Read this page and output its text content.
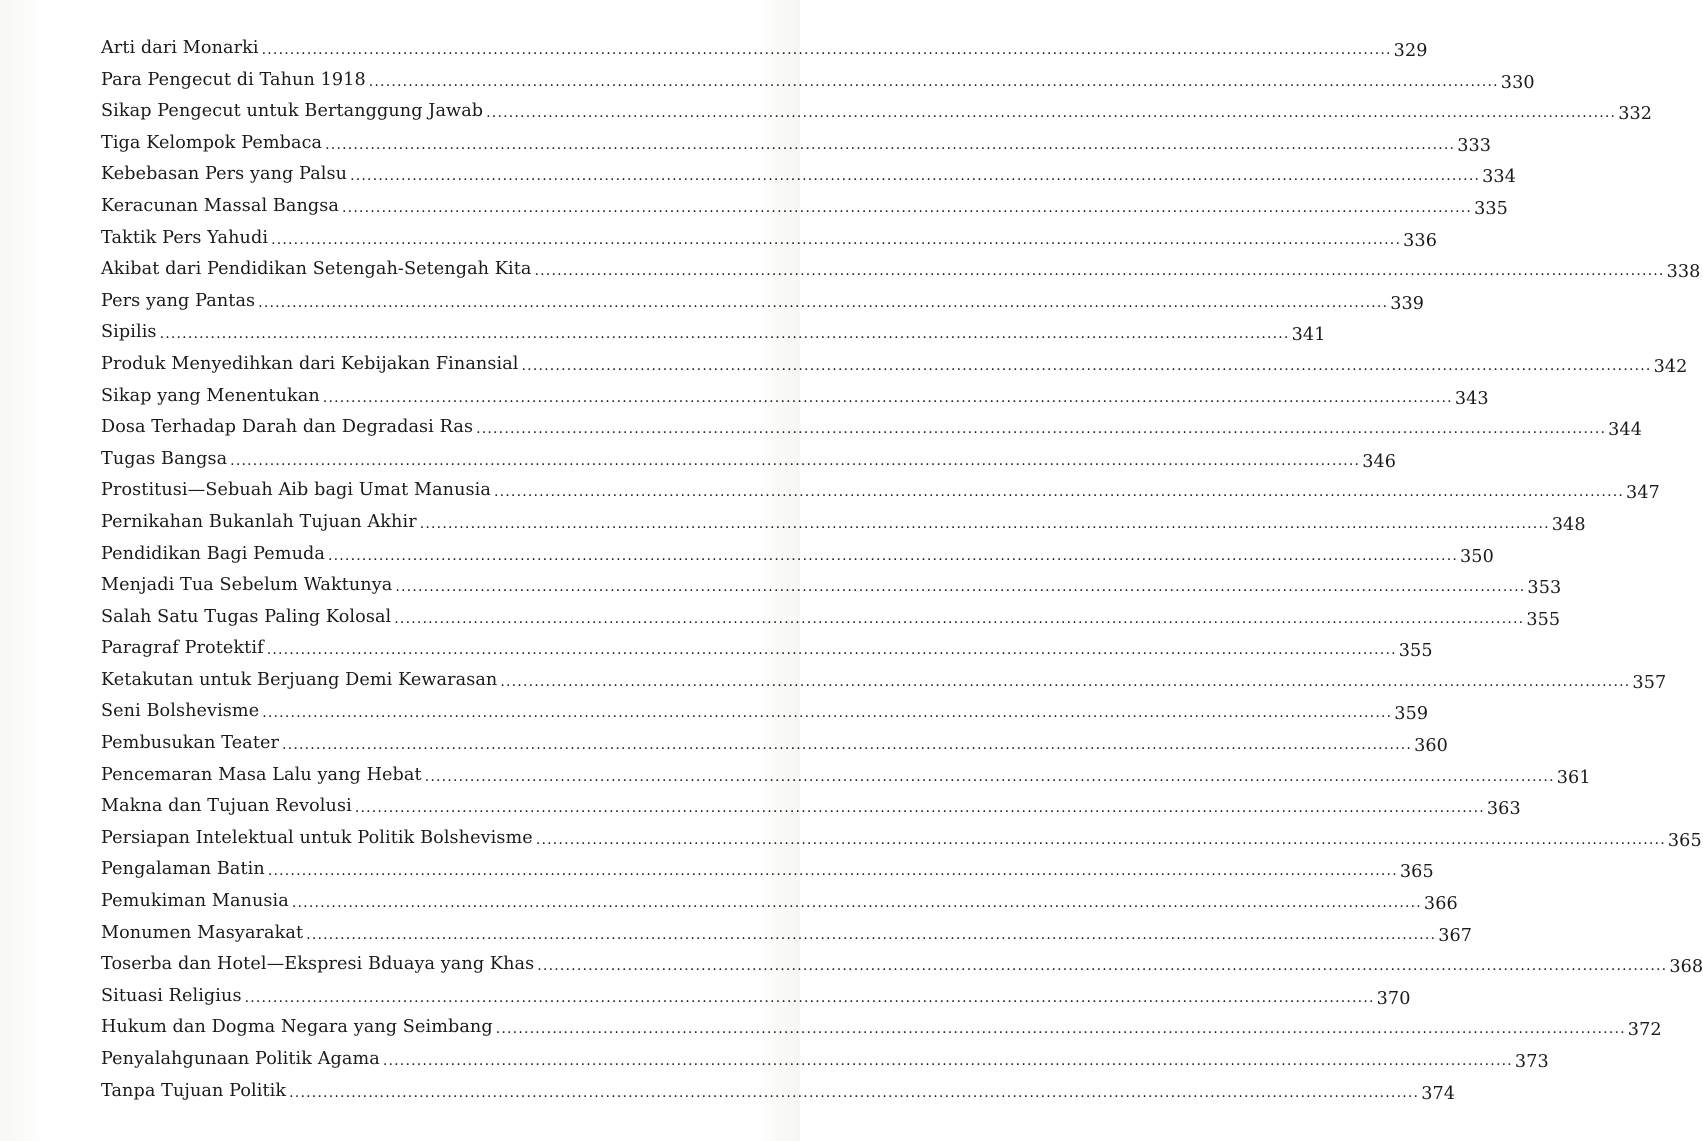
Arti dari Monarki ........................................................................................................................................................................................................ 329
Para Pengecut di Tahun 1918 ........................................................................................................................................................................................................ 330
Sikap Pengecut untuk Bertanggung Jawab ........................................................................................................................................................................................................ 332
Tiga Kelompok Pembaca ........................................................................................................................................................................................................ 333
Kebebasan Pers yang Palsu ........................................................................................................................................................................................................ 334
Keracunan Massal Bangsa ........................................................................................................................................................................................................ 335
Taktik Pers Yahudi ........................................................................................................................................................................................................ 336
Akibat dari Pendidikan Setengah-Setengah Kita ........................................................................................................................................................................................................ 338
Pers yang Pantas ........................................................................................................................................................................................................ 339
Sipilis ........................................................................................................................................................................................................ 341
Produk Menyedihkan dari Kebijakan Finansial ........................................................................................................................................................................................................ 342
Sikap yang Menentukan ........................................................................................................................................................................................................ 343
Dosa Terhadap Darah dan Degradasi Ras ........................................................................................................................................................................................................ 344
Tugas Bangsa ........................................................................................................................................................................................................ 346
Prostitusi—Sebuah Aib bagi Umat Manusia ........................................................................................................................................................................................................ 347
Pernikahan Bukanlah Tujuan Akhir ........................................................................................................................................................................................................ 348
Pendidikan Bagi Pemuda ........................................................................................................................................................................................................ 350
Menjadi Tua Sebelum Waktunya ........................................................................................................................................................................................................ 353
Salah Satu Tugas Paling Kolosal ........................................................................................................................................................................................................ 355
Paragraf Protektif ........................................................................................................................................................................................................ 355
Ketakutan untuk Berjuang Demi Kewarasan ........................................................................................................................................................................................................ 357
Seni Bolshevisme ........................................................................................................................................................................................................ 359
Pembusukan Teater ........................................................................................................................................................................................................ 360
Pencemaran Masa Lalu yang Hebat ........................................................................................................................................................................................................ 361
Makna dan Tujuan Revolusi ........................................................................................................................................................................................................ 363
Persiapan Intelektual untuk Politik Bolshevisme ........................................................................................................................................................................................................ 365
Pengalaman Batin ........................................................................................................................................................................................................ 365
Pemukiman Manusia ........................................................................................................................................................................................................ 366
Monumen Masyarakat ........................................................................................................................................................................................................ 367
Toserba dan Hotel—Ekspresi Bduaya yang Khas ........................................................................................................................................................................................................ 368
Situasi Religius ........................................................................................................................................................................................................ 370
Hukum dan Dogma Negara yang Seimbang ........................................................................................................................................................................................................ 372
Penyalahgunaan Politik Agama ........................................................................................................................................................................................................ 373
Tanpa Tujuan Politik ........................................................................................................................................................................................................ 374
